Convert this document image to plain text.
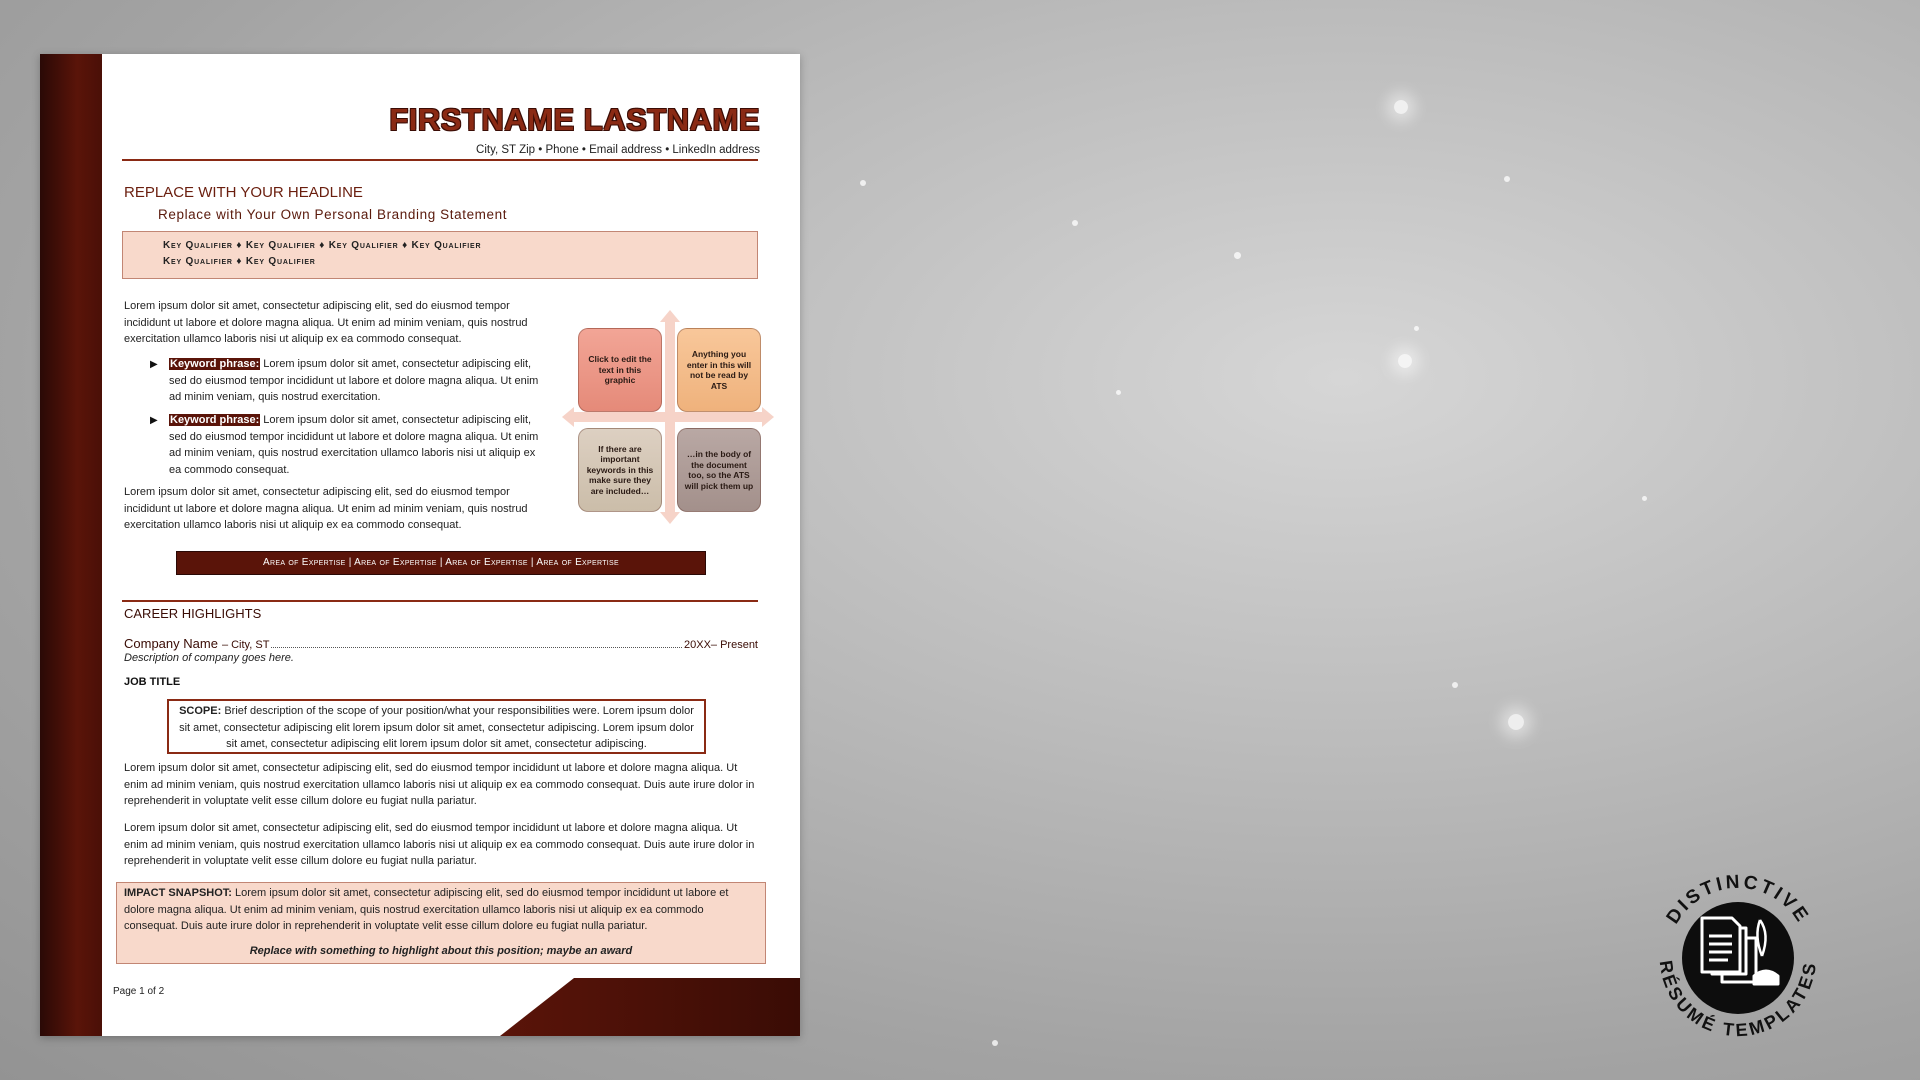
FIRSTNAME LASTNAME
City, ST Zip • Phone • Email address • LinkedIn address
REPLACE WITH YOUR HEADLINE
Replace with Your Own Personal Branding Statement
Key Qualifier ♦ Key Qualifier ♦ Key Qualifier ♦ Key Qualifier
Key Qualifier ♦ Key Qualifier

Lorem ipsum dolor sit amet, consectetur adipiscing elit, sed do eiusmod tempor incididunt ut labore et dolore magna aliqua. Ut enim ad minim veniam, quis nostrud exercitation ullamco laboris nisi ut aliquip ex ea commodo consequat.

▶ Keyword phrase: Lorem ipsum dolor sit amet, consectetur adipiscing elit, sed do eiusmod tempor incididunt ut labore et dolore magna aliqua. Ut enim ad minim veniam, quis nostrud exercitation.

▶ Keyword phrase: Lorem ipsum dolor sit amet, consectetur adipiscing elit, sed do eiusmod tempor incididunt ut labore et dolore magna aliqua. Ut enim ad minim veniam, quis nostrud exercitation ullamco laboris nisi ut aliquip ex ea commodo consequat.

Lorem ipsum dolor sit amet, consectetur adipiscing elit, sed do eiusmod tempor incididunt ut labore et dolore magna aliqua. Ut enim ad minim veniam, quis nostrud exercitation ullamco laboris nisi ut aliquip ex ea commodo consequat.

Click to edit the text in this graphic
Anything you enter in this will not be read by ATS
If there are important keywords in this make sure they are included…
…in the body of the document too, so the ATS will pick them up
Area of Expertise | Area of Expertise | Area of Expertise | Area of Expertise
CAREER HIGHLIGHTS
Company Name – City, ST	20XX– Present
Description of company goes here.
JOB TITLE
SCOPE: Brief description of the scope of your position/what your responsibilities were. Lorem ipsum dolor sit amet, consectetur adipiscing elit lorem ipsum dolor sit amet, consectetur adipiscing. Lorem ipsum dolor sit amet, consectetur adipiscing elit lorem ipsum dolor sit amet, consectetur adipiscing.

Lorem ipsum dolor sit amet, consectetur adipiscing elit, sed do eiusmod tempor incididunt ut labore et dolore magna aliqua. Ut enim ad minim veniam, quis nostrud exercitation ullamco laboris nisi ut aliquip ex ea commodo consequat. Duis aute irure dolor in reprehenderit in voluptate velit esse cillum dolore eu fugiat nulla pariatur.

Lorem ipsum dolor sit amet, consectetur adipiscing elit, sed do eiusmod tempor incididunt ut labore et dolore magna aliqua. Ut enim ad minim veniam, quis nostrud exercitation ullamco laboris nisi ut aliquip ex ea commodo consequat. Duis aute irure dolor in reprehenderit in voluptate velit esse cillum dolore eu fugiat nulla pariatur.

IMPACT SNAPSHOT: Lorem ipsum dolor sit amet, consectetur adipiscing elit, sed do eiusmod tempor incididunt ut labore et dolore magna aliqua. Ut enim ad minim veniam, quis nostrud exercitation ullamco laboris nisi ut aliquip ex ea commodo consequat. Duis aute irure dolor in reprehenderit in voluptate velit esse cillum dolore eu fugiat nulla pariatur.
Replace with something to highlight about this position; maybe an award
Page 1 of 2
DISTINCTIVE
RÉSUMÉ TEMPLATES
